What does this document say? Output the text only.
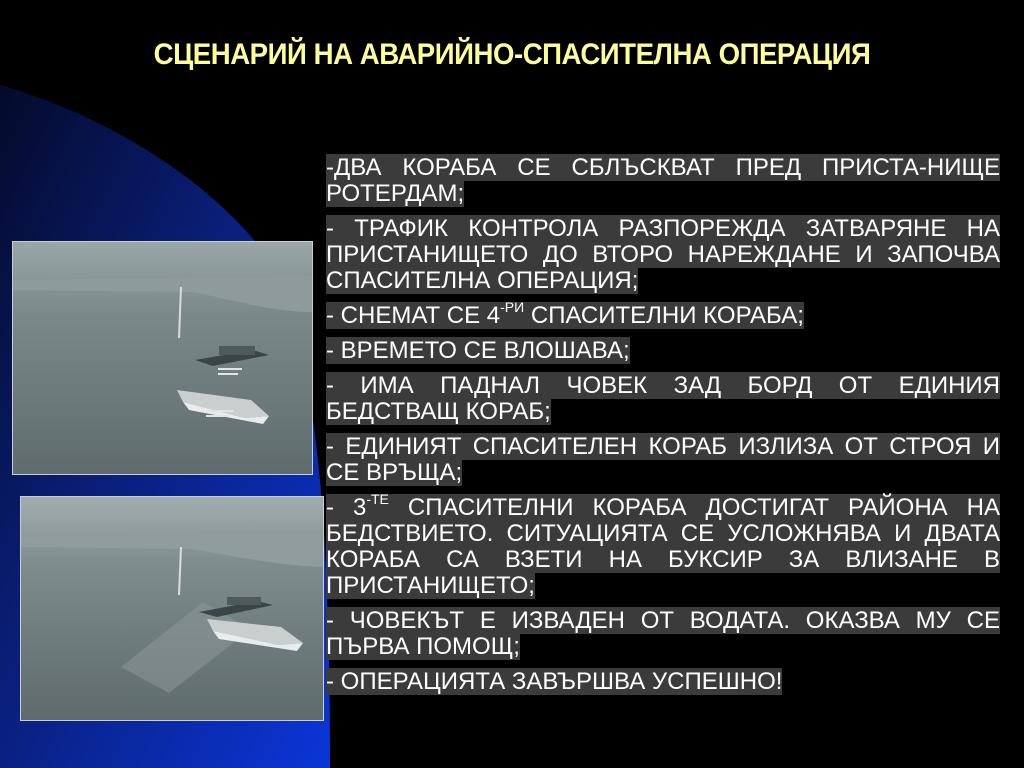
СЦЕНАРИЙ НА АВАРИЙНО-СПАСИТЕЛНА ОПЕРАЦИЯ

-ДВА КОРАБА СЕ СБЛЪСКВАТ ПРЕД ПРИСТА-НИЩЕ РОТЕРДАМ;

- ТРАФИК КОНТРОЛА РАЗПОРЕЖДА ЗАТВАРЯНЕ НА ПРИСТАНИЩЕТО ДО ВТОРО НАРЕЖДАНЕ И ЗАПОЧВА СПАСИТЕЛНА ОПЕРАЦИЯ;

- СНЕМАТ СЕ $4^{-РИ}$ СПАСИТЕЛНИ КОРАБА;

- ВРЕМЕТО СЕ ВЛОШАВА;

- ИМА ПАДНАЛ ЧОВЕК ЗАД БОРД ОТ ЕДИНИЯ БЕДСТВАЩ КОРАБ;

- ЕДИНИЯТ СПАСИТЕЛЕН КОРАБ ИЗЛИЗА ОТ СТРОЯ И СЕ ВРЪЩА;

- $3^{-ТЕ}$ СПАСИТЕЛНИ КОРАБА ДОСТИГАТ РАЙОНА НА БЕДСТВИЕТО. СИТУАЦИЯТА СЕ УСЛОЖНЯВА И ДВАТА КОРАБА СА ВЗЕТИ НА БУКСИР ЗА ВЛИЗАНЕ В ПРИСТАНИЩЕТО;

- ЧОВЕКЪТ Е ИЗВАДЕН ОТ ВОДАТА. ОКАЗВА МУ СЕ ПЪРВА ПОМОЩ;

- ОПЕРАЦИЯТА ЗАВЪРШВА УСПЕШНО!
